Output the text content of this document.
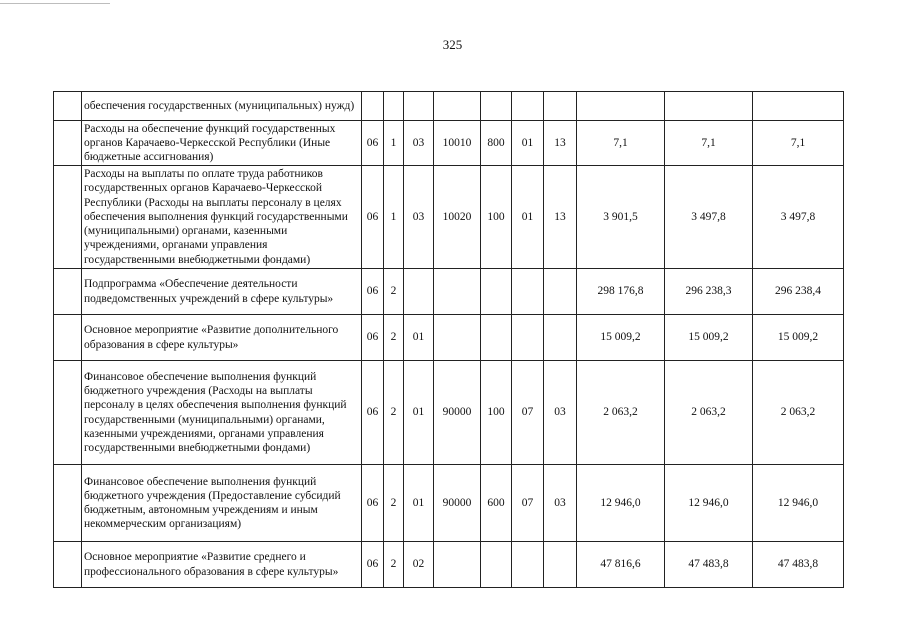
325
	обеспечения государственных (муниципальных) нужд)										
	Расходы на обеспечение функций государственных органов Карачаево-Черкесской Республики (Иные бюджетные ассигнования)	06	1	03	10010	800	01	13	7,1	7,1	7,1
	Расходы на выплаты по оплате труда работников государственных органов Карачаево-Черкесской Республики (Расходы на выплаты персоналу в целях обеспечения выполнения функций государственными (муниципальными) органами, казенными учреждениями, органами управления государственными внебюджетными фондами)	06	1	03	10020	100	01	13	3 901,5	3 497,8	3 497,8
	Подпрограмма «Обеспечение деятельности подведомственных учреждений в сфере культуры»	06	2						298 176,8	296 238,3	296 238,4
	Основное мероприятие «Развитие дополнительного образования в сфере культуры»	06	2	01					15 009,2	15 009,2	15 009,2
	Финансовое обеспечение выполнения функций бюджетного учреждения (Расходы на выплаты персоналу в целях обеспечения выполнения функций государственными (муниципальными) органами, казенными учреждениями, органами управления государственными внебюджетными фондами)	06	2	01	90000	100	07	03	2 063,2	2 063,2	2 063,2
	Финансовое обеспечение выполнения функций бюджетного учреждения (Предоставление субсидий бюджетным, автономным учреждениям и иным некоммерческим организациям)	06	2	01	90000	600	07	03	12 946,0	12 946,0	12 946,0
	Основное мероприятие «Развитие среднего и профессионального образования в сфере культуры»	06	2	02					47 816,6	47 483,8	47 483,8
